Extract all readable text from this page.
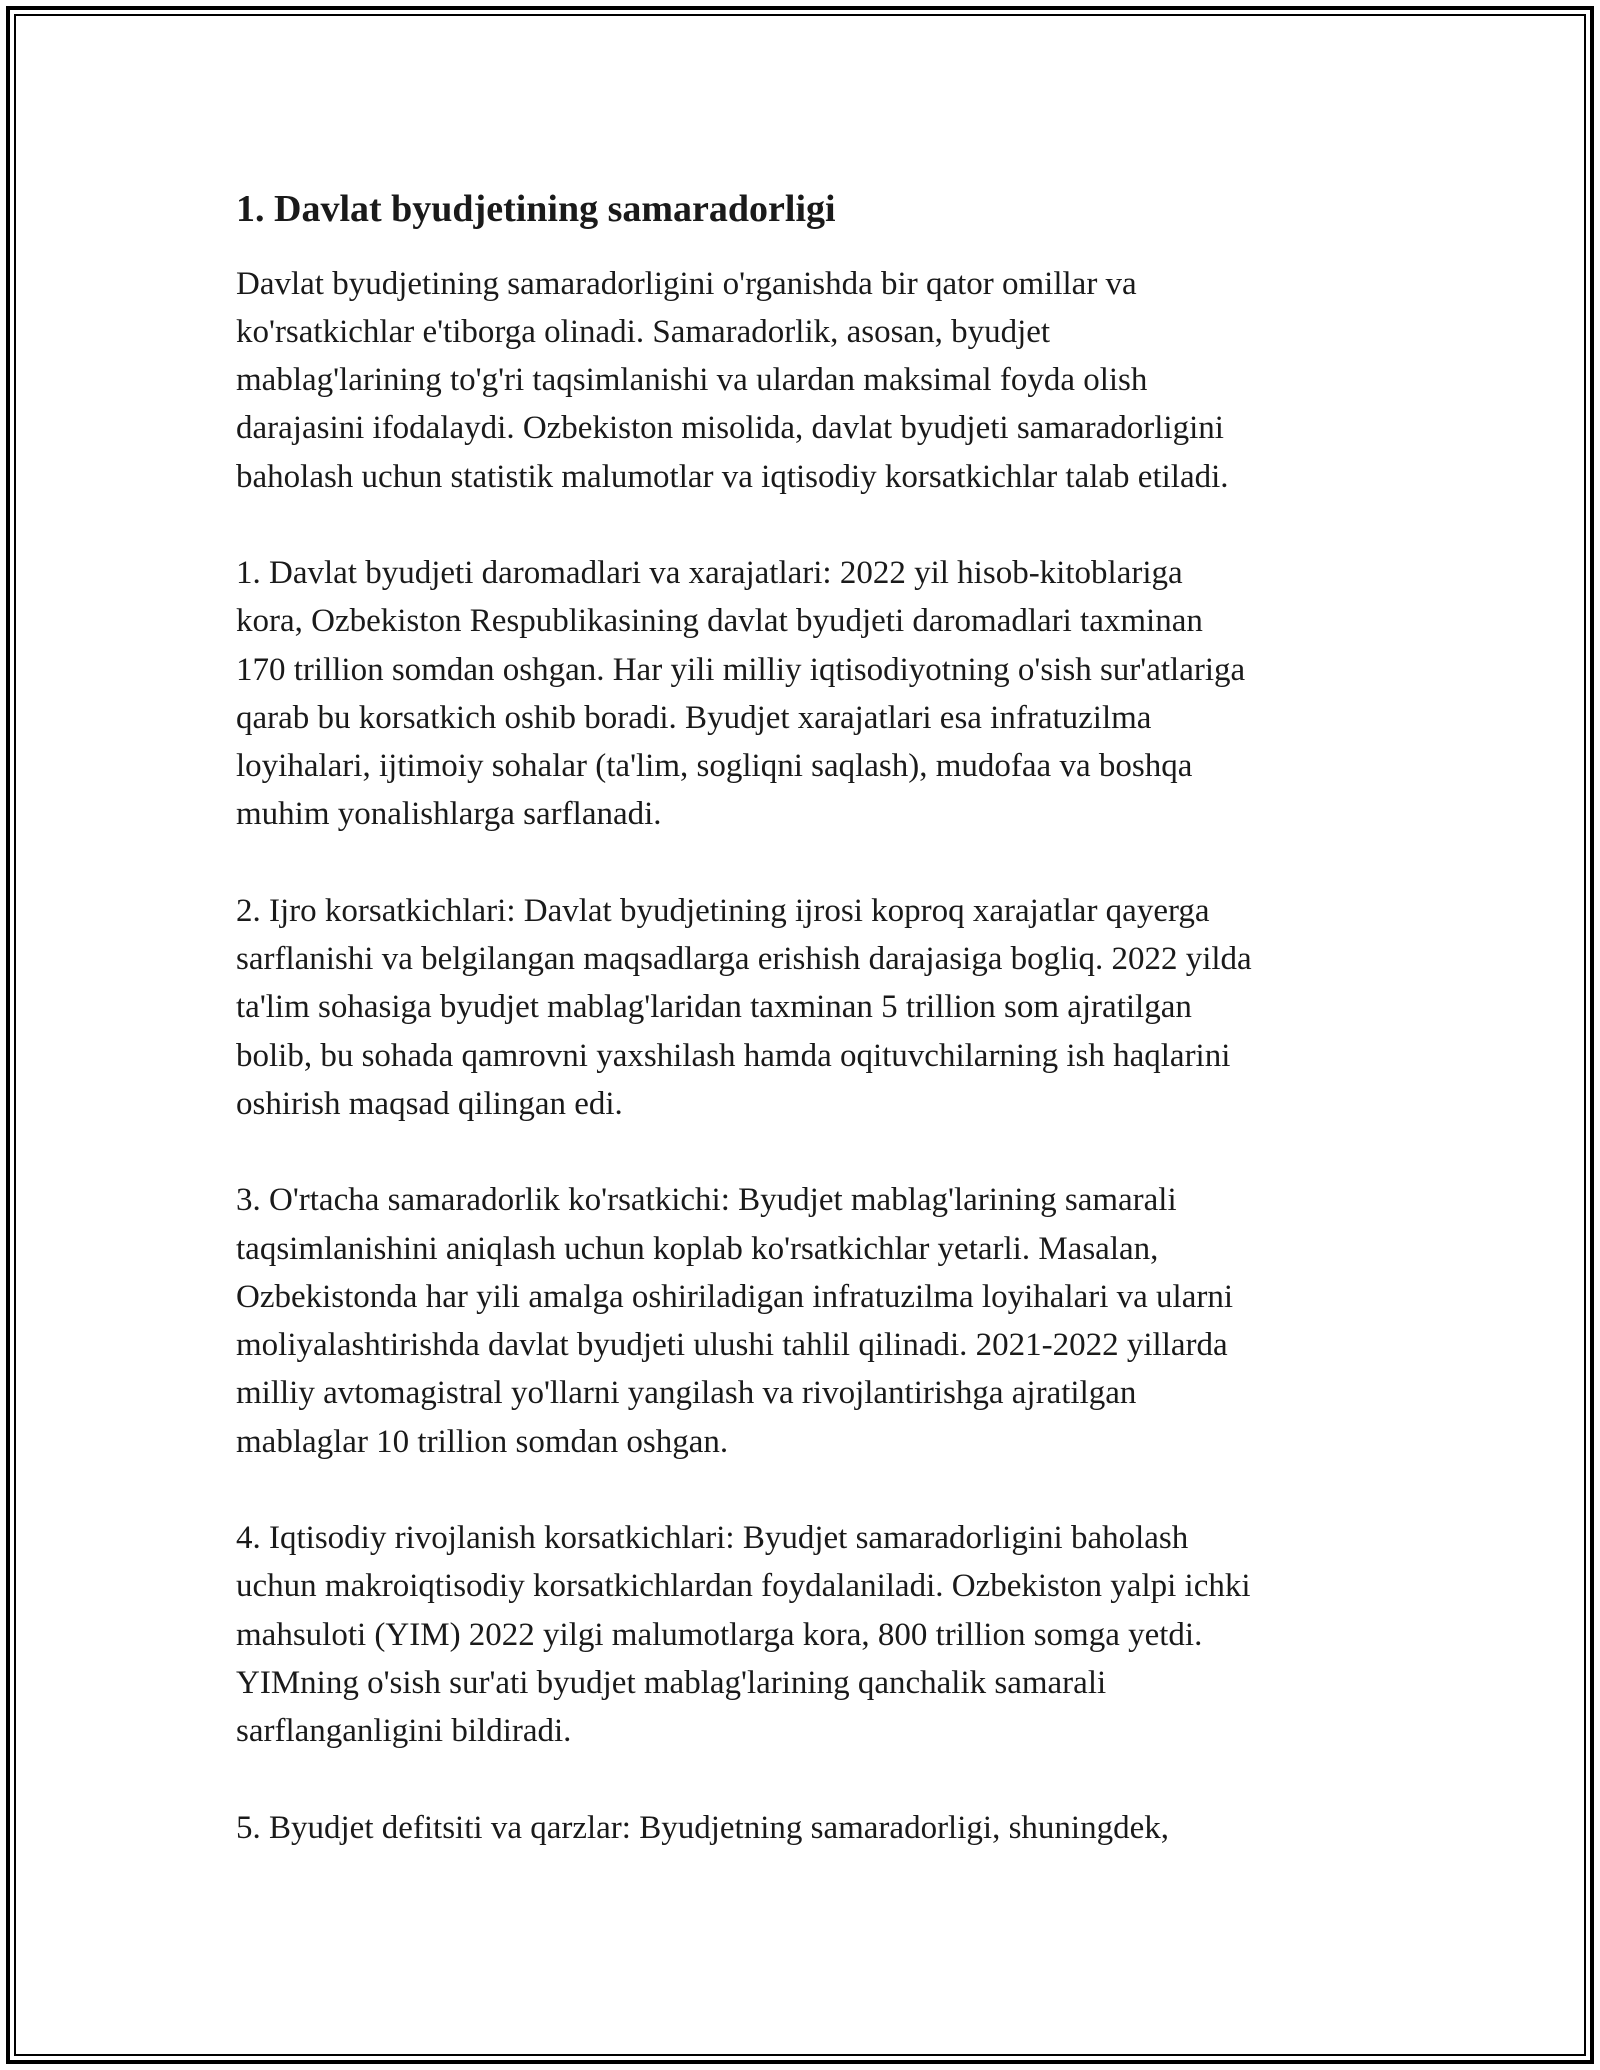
1. Davlat byudjetining samaradorligi
Davlat byudjetining samaradorligini o'rganishda bir qator omillar va
ko'rsatkichlar e'tiborga olinadi. Samaradorlik, asosan, byudjet
mablag'larining to'g'ri taqsimlanishi va ulardan maksimal foyda olish
darajasini ifodalaydi. Ozbekiston misolida, davlat byudjeti samaradorligini
baholash uchun statistik malumotlar va iqtisodiy korsatkichlar talab etiladi.
1. Davlat byudjeti daromadlari va xarajatlari: 2022 yil hisob-kitoblariga
kora, Ozbekiston Respublikasining davlat byudjeti daromadlari taxminan
170 trillion somdan oshgan. Har yili milliy iqtisodiyotning o'sish sur'atlariga
qarab bu korsatkich oshib boradi. Byudjet xarajatlari esa infratuzilma
loyihalari, ijtimoiy sohalar (ta'lim, sogliqni saqlash), mudofaa va boshqa
muhim yonalishlarga sarflanadi.
2. Ijro korsatkichlari: Davlat byudjetining ijrosi koproq xarajatlar qayerga
sarflanishi va belgilangan maqsadlarga erishish darajasiga bogliq. 2022 yilda
ta'lim sohasiga byudjet mablag'laridan taxminan 5 trillion som ajratilgan
bolib, bu sohada qamrovni yaxshilash hamda oqituvchilarning ish haqlarini
oshirish maqsad qilingan edi.
3. O'rtacha samaradorlik ko'rsatkichi: Byudjet mablag'larining samarali
taqsimlanishini aniqlash uchun koplab ko'rsatkichlar yetarli. Masalan,
Ozbekistonda har yili amalga oshiriladigan infratuzilma loyihalari va ularni
moliyalashtirishda davlat byudjeti ulushi tahlil qilinadi. 2021-2022 yillarda
milliy avtomagistral yo'llarni yangilash va rivojlantirishga ajratilgan
mablaglar 10 trillion somdan oshgan.
4. Iqtisodiy rivojlanish korsatkichlari: Byudjet samaradorligini baholash
uchun makroiqtisodiy korsatkichlardan foydalaniladi. Ozbekiston yalpi ichki
mahsuloti (YIM) 2022 yilgi malumotlarga kora, 800 trillion somga yetdi.
YIMning o'sish sur'ati byudjet mablag'larining qanchalik samarali
sarflanganligini bildiradi.
5. Byudjet defitsiti va qarzlar: Byudjetning samaradorligi, shuningdek,
